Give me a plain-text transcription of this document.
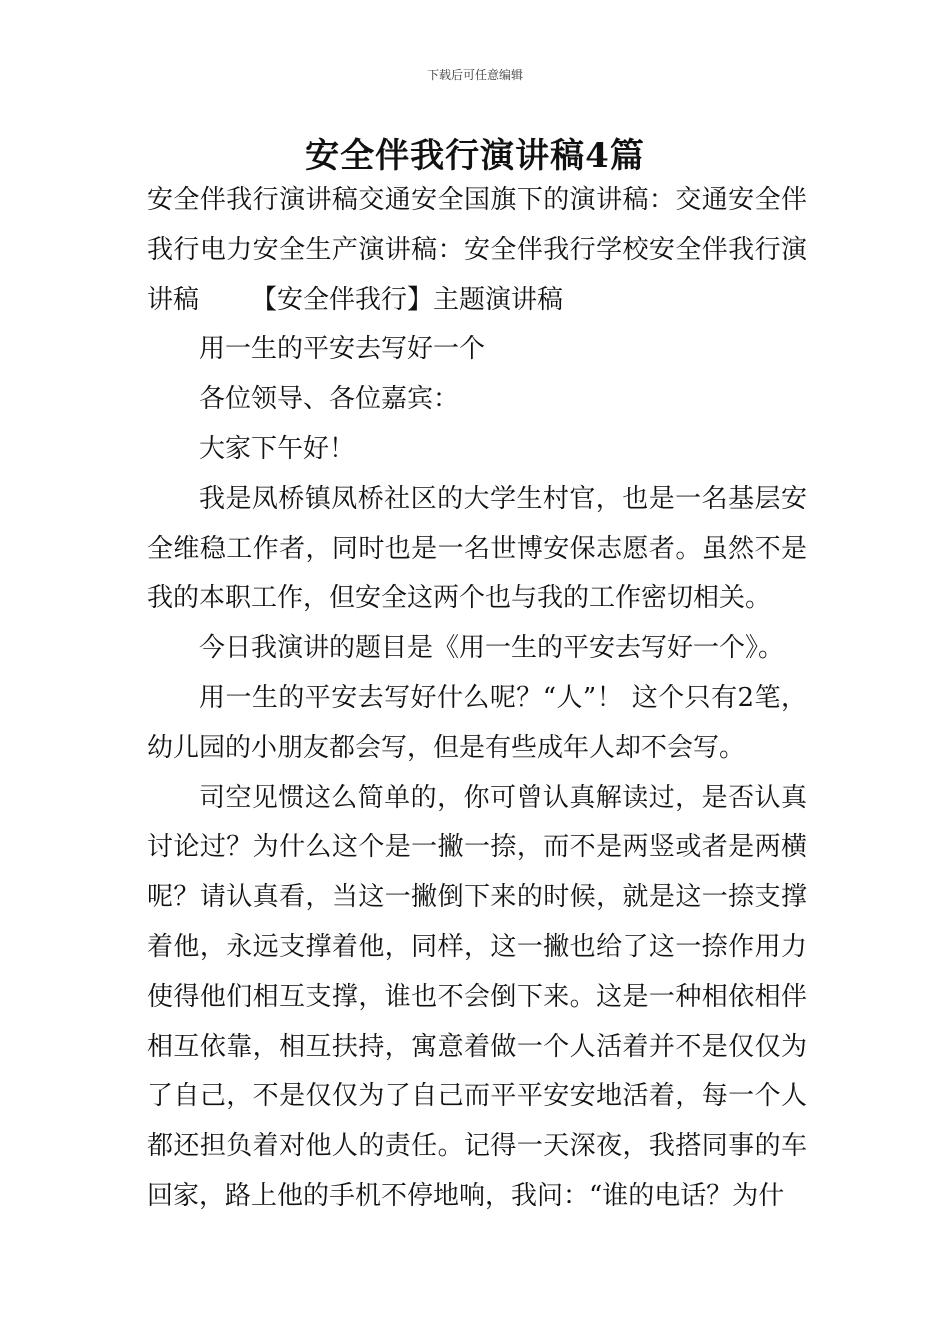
下载后可任意编辑
安全伴我行演讲稿4篇

安全伴我行演讲稿交通安全国旗下的演讲稿：交通安全伴我行电力安全生产演讲稿：安全伴我行学校安全伴我行演讲稿 【安全伴我行】主题演讲稿

用一生的平安去写好一个

各位领导、各位嘉宾：

大家下午好！

我是凤桥镇凤桥社区的大学生村官，也是一名基层安全维稳工作者，同时也是一名世博安保志愿者。虽然不是我的本职工作，但安全这两个也与我的工作密切相关。

今日我演讲的题目是《用一生的平安去写好一个》。

用一生的平安去写好什么呢？“人”！ 这个只有2笔，幼儿园的小朋友都会写，但是有些成年人却不会写。

司空见惯这么简单的，你可曾认真解读过，是否认真讨论过？为什么这个是一撇一捺，而不是两竖或者是两横呢？请认真看，当这一撇倒下来的时候，就是这一捺支撑着他，永远支撑着他，同样，这一撇也给了这一捺作用力使得他们相互支撑，谁也不会倒下来。这是一种相依相伴相互依靠，相互扶持，寓意着做一个人活着并不是仅仅为了自己，不是仅仅为了自己而平平安安地活着，每一个人都还担负着对他人的责任。记得一天深夜，我搭同事的车回家，路上他的手机不停地响，我问：“谁的电话？为什
